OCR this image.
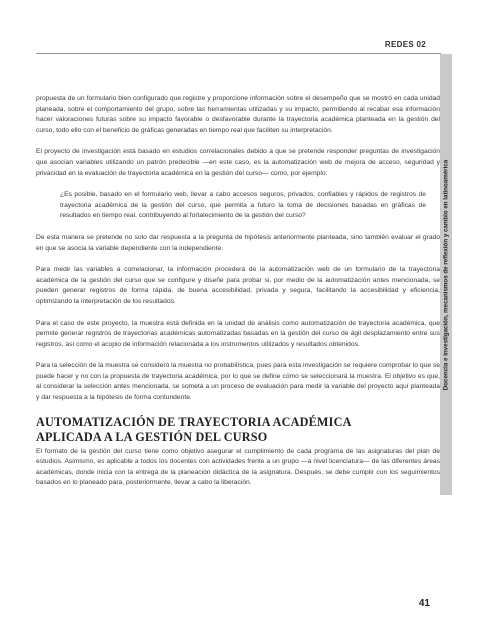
REDES 02
Docencia e investigación, mecanismos de reflexión y cambio en latinoamérica

propuesta de un formulario bien configurado que registre y proporcione información sobre el desempeño que se mostró en cada unidad planeada, sobre el comportamiento del grupo, sobre las herramientas utilizadas y su impacto, permitiendo al recabar esa información hacer valoraciones futuras sobre su impacto favorable o desfavorable durante la trayectoria académica planteada en la gestión del curso, todo ello con el beneficio de gráficas generadas en tiempo real que faciliten su interpretación.

El proyecto de investigación está basado en estudios correlacionales debido a que se pretende responder preguntas de investigación que asocian variables utilizando un patrón predecible —en este caso, es la automatización web de mejora de acceso, seguridad y privacidad en la evaluación de trayectoria académica en la gestión del curso— como, por ejemplo:

¿Es posible, basado en el formulario web, llevar a cabo accesos seguros, privados, confiables y rápidos de registros de trayectoria académica de la gestión del curso, que permita a futuro la toma de decisiones basadas en gráficas de resultados en tiempo real. contribuyendo al fortalecimiento de la gestión del curso?

De esta manera se pretende no solo dar respuesta a la pregunta de hipótesis anteriormente planteada, sino también evaluar el grado en que se asocia la variable dependiente con la independiente.

Para medir las variables a correlacionar, la información procederá de la automatización web de un formulario de la trayectoria académica de la gestión del curso que se configure y diseñe para probar si, por medio de la automatización antes mencionada, se pueden generar registros de forma rápida, de buena accesibilidad, privada y segura, facilitando la accesibilidad y eficiencia, optimizando la interpretación de los resultados.

Para el caso de este proyecto, la muestra está definida en la unidad de análisis como automatización de trayectoria académica, que permite generar registros de trayectorias académicas automatizadas basadas en la gestión del curso de ágil desplazamiento entre sus registros, así como el acopio de información relacionada a los instrumentos utilizados y resultados obtenidos.

Para la selección de la muestra se consideró la muestra no probabilística, pues para esta investigación se requiere comprobar lo que se puede hacer y no con la propuesta de trayectoria académica, por lo que se define cómo se seleccionará la muestra. El objetivo es que, al considerar la selección antes mencionada, se someta a un proceso de evaluación para medir la variable del proyecto aquí planteada y dar respuesta a la hipótesis de forma contundente.

AUTOMATIZACIÓN DE TRAYECTORIA ACADÉMICA
APLICADA A LA GESTIÓN DEL CURSO

El formato de la gestión del curso tiene como objetivo asegurar el cumplimiento de cada programa de las asignaturas del plan de estudios. Asimismo, es aplicable a todos los docentes con actividades frente a un grupo —a nivel licenciatura— de las diferentes áreas académicas, donde inicia con la entrega de la planeación didáctica de la asignatura. Después, se debe cumplir con los seguimientos basados en lo planeado para, posteriormente, llevar a cabo la liberación.

41
